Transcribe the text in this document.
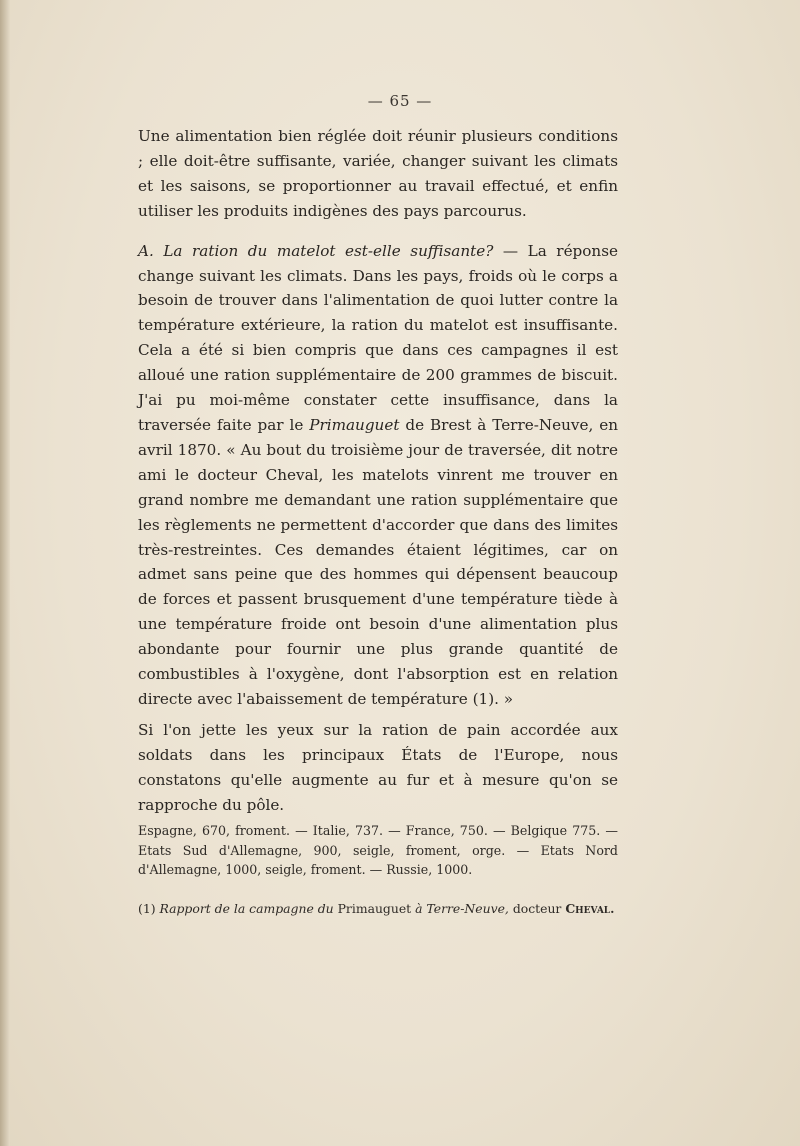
— 65 —

Une alimentation bien réglée doit réunir plusieurs conditions ; elle doit-être suffisante, variée, changer suivant les climats et les saisons, se proportionner au travail effectué, et enfin utiliser les produits indigènes des pays parcourus.

A. La ration du matelot est-elle suffisante? — La réponse change suivant les climats. Dans les pays, froids où le corps a besoin de trouver dans l'alimentation de quoi lutter contre la température extérieure, la ration du matelot est insuffisante. Cela a été si bien compris que dans ces campagnes il est alloué une ration supplémentaire de 200 grammes de biscuit. J'ai pu moi-même constater cette insuffisance, dans la traversée faite par le Primauguet de Brest à Terre-Neuve, en avril 1870. « Au bout du troisième jour de traversée, dit notre ami le docteur Cheval, les matelots vinrent me trouver en grand nombre me demandant une ration supplémentaire que les règlements ne permettent d'accorder que dans des limites très-restreintes. Ces demandes étaient légitimes, car on admet sans peine que des hommes qui dépensent beaucoup de forces et passent brusquement d'une température tiède à une température froide ont besoin d'une alimentation plus abondante pour fournir une plus grande quantité de combustibles à l'oxygène, dont l'absorption est en relation directe avec l'abaissement de température (1). »

Si l'on jette les yeux sur la ration de pain accordée aux soldats dans les principaux États de l'Europe, nous constatons qu'elle augmente au fur et à mesure qu'on se rapproche du pôle.

Espagne, 670, froment. — Italie, 737. — France, 750. — Belgique 775. — Etats Sud d'Allemagne, 900, seigle, froment, orge. — Etats Nord d'Allemagne, 1000, seigle, froment. — Russie, 1000.

(1) Rapport de la campagne du Primauguet à Terre-Neuve, docteur Cheval.
